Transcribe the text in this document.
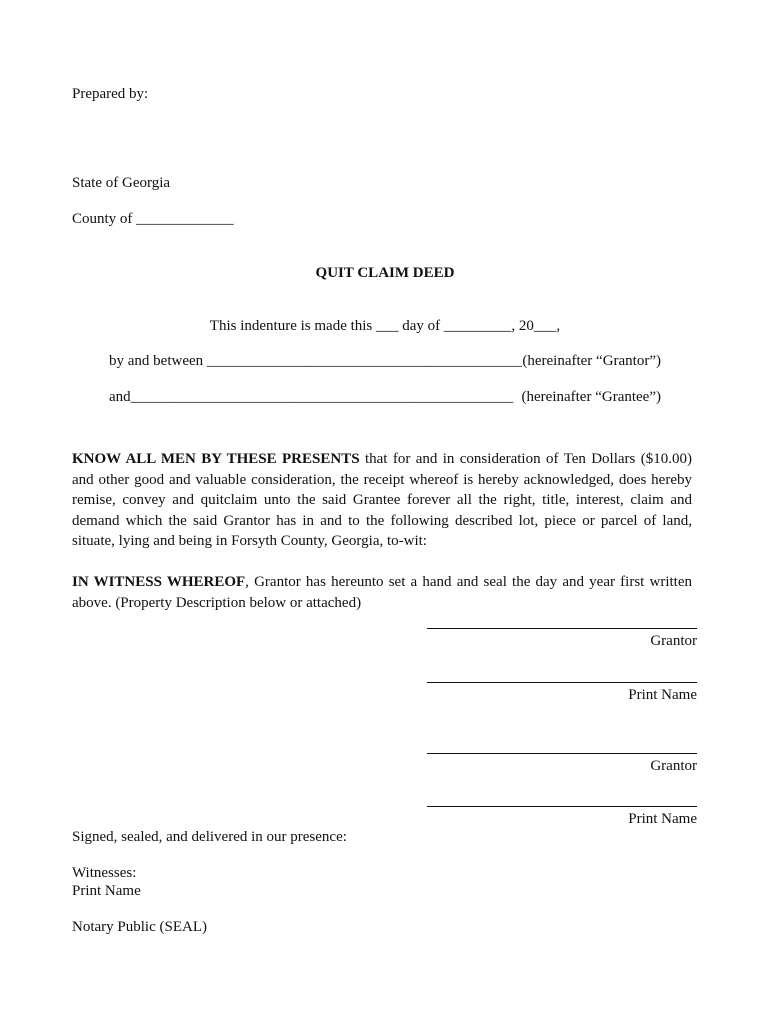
Prepared by:
State of Georgia
County of _____________
QUIT CLAIM DEED
This indenture is made this ___ day of _________, 20___,
by and between __________________________________________ (hereinafter “Grantor”)
and___________________________________________________ (hereinafter “Grantee”)
KNOW ALL MEN BY THESE PRESENTS that for and in consideration of Ten Dollars ($10.00)
and other good and valuable consideration, the receipt whereof is hereby acknowledged, does hereby
remise, convey and quitclaim unto the said Grantee forever all the right, title, interest, claim and
demand which the said Grantor has in and to the following described lot, piece or parcel of land,
situate, lying and being in Forsyth County, Georgia, to-wit:
IN WITNESS WHEREOF, Grantor has hereunto set a hand and seal the day and year first written
above. (Property Description below or attached)
Grantor
Print Name
Grantor
Print Name
Signed, sealed, and delivered in our presence:
Witnesses:
Print Name
Notary Public (SEAL)
